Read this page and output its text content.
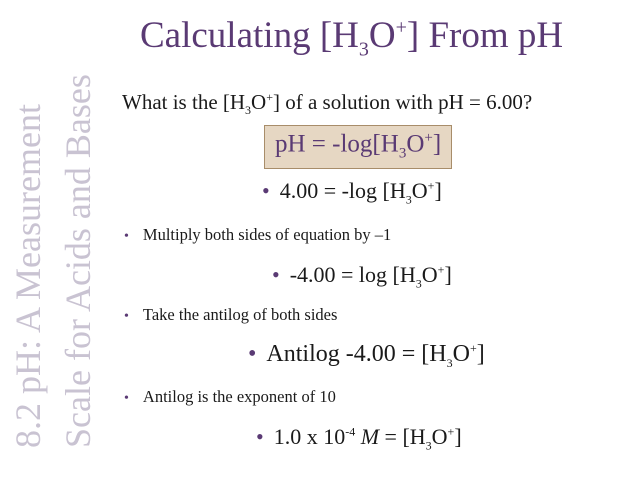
8.2 pH: A Measurement Scale for Acids and Bases
Calculating $[H_3O^+]$ From pH
What is the $[H_3O^+]$ of a solution with pH = 6.00?
pH = $-\log[H_3O^+]$
• 4.00 = -log $[H_3O^+]$
• Multiply both sides of equation by –1
• $-4.00 = \log [H_3O^+]$
• Take the antilog of both sides
• Antilog $-4.00 = [H_3O^+]$
• Antilog is the exponent of 10
• 1.0 x $10^{-4}$ $M = [H_3O^+]$
